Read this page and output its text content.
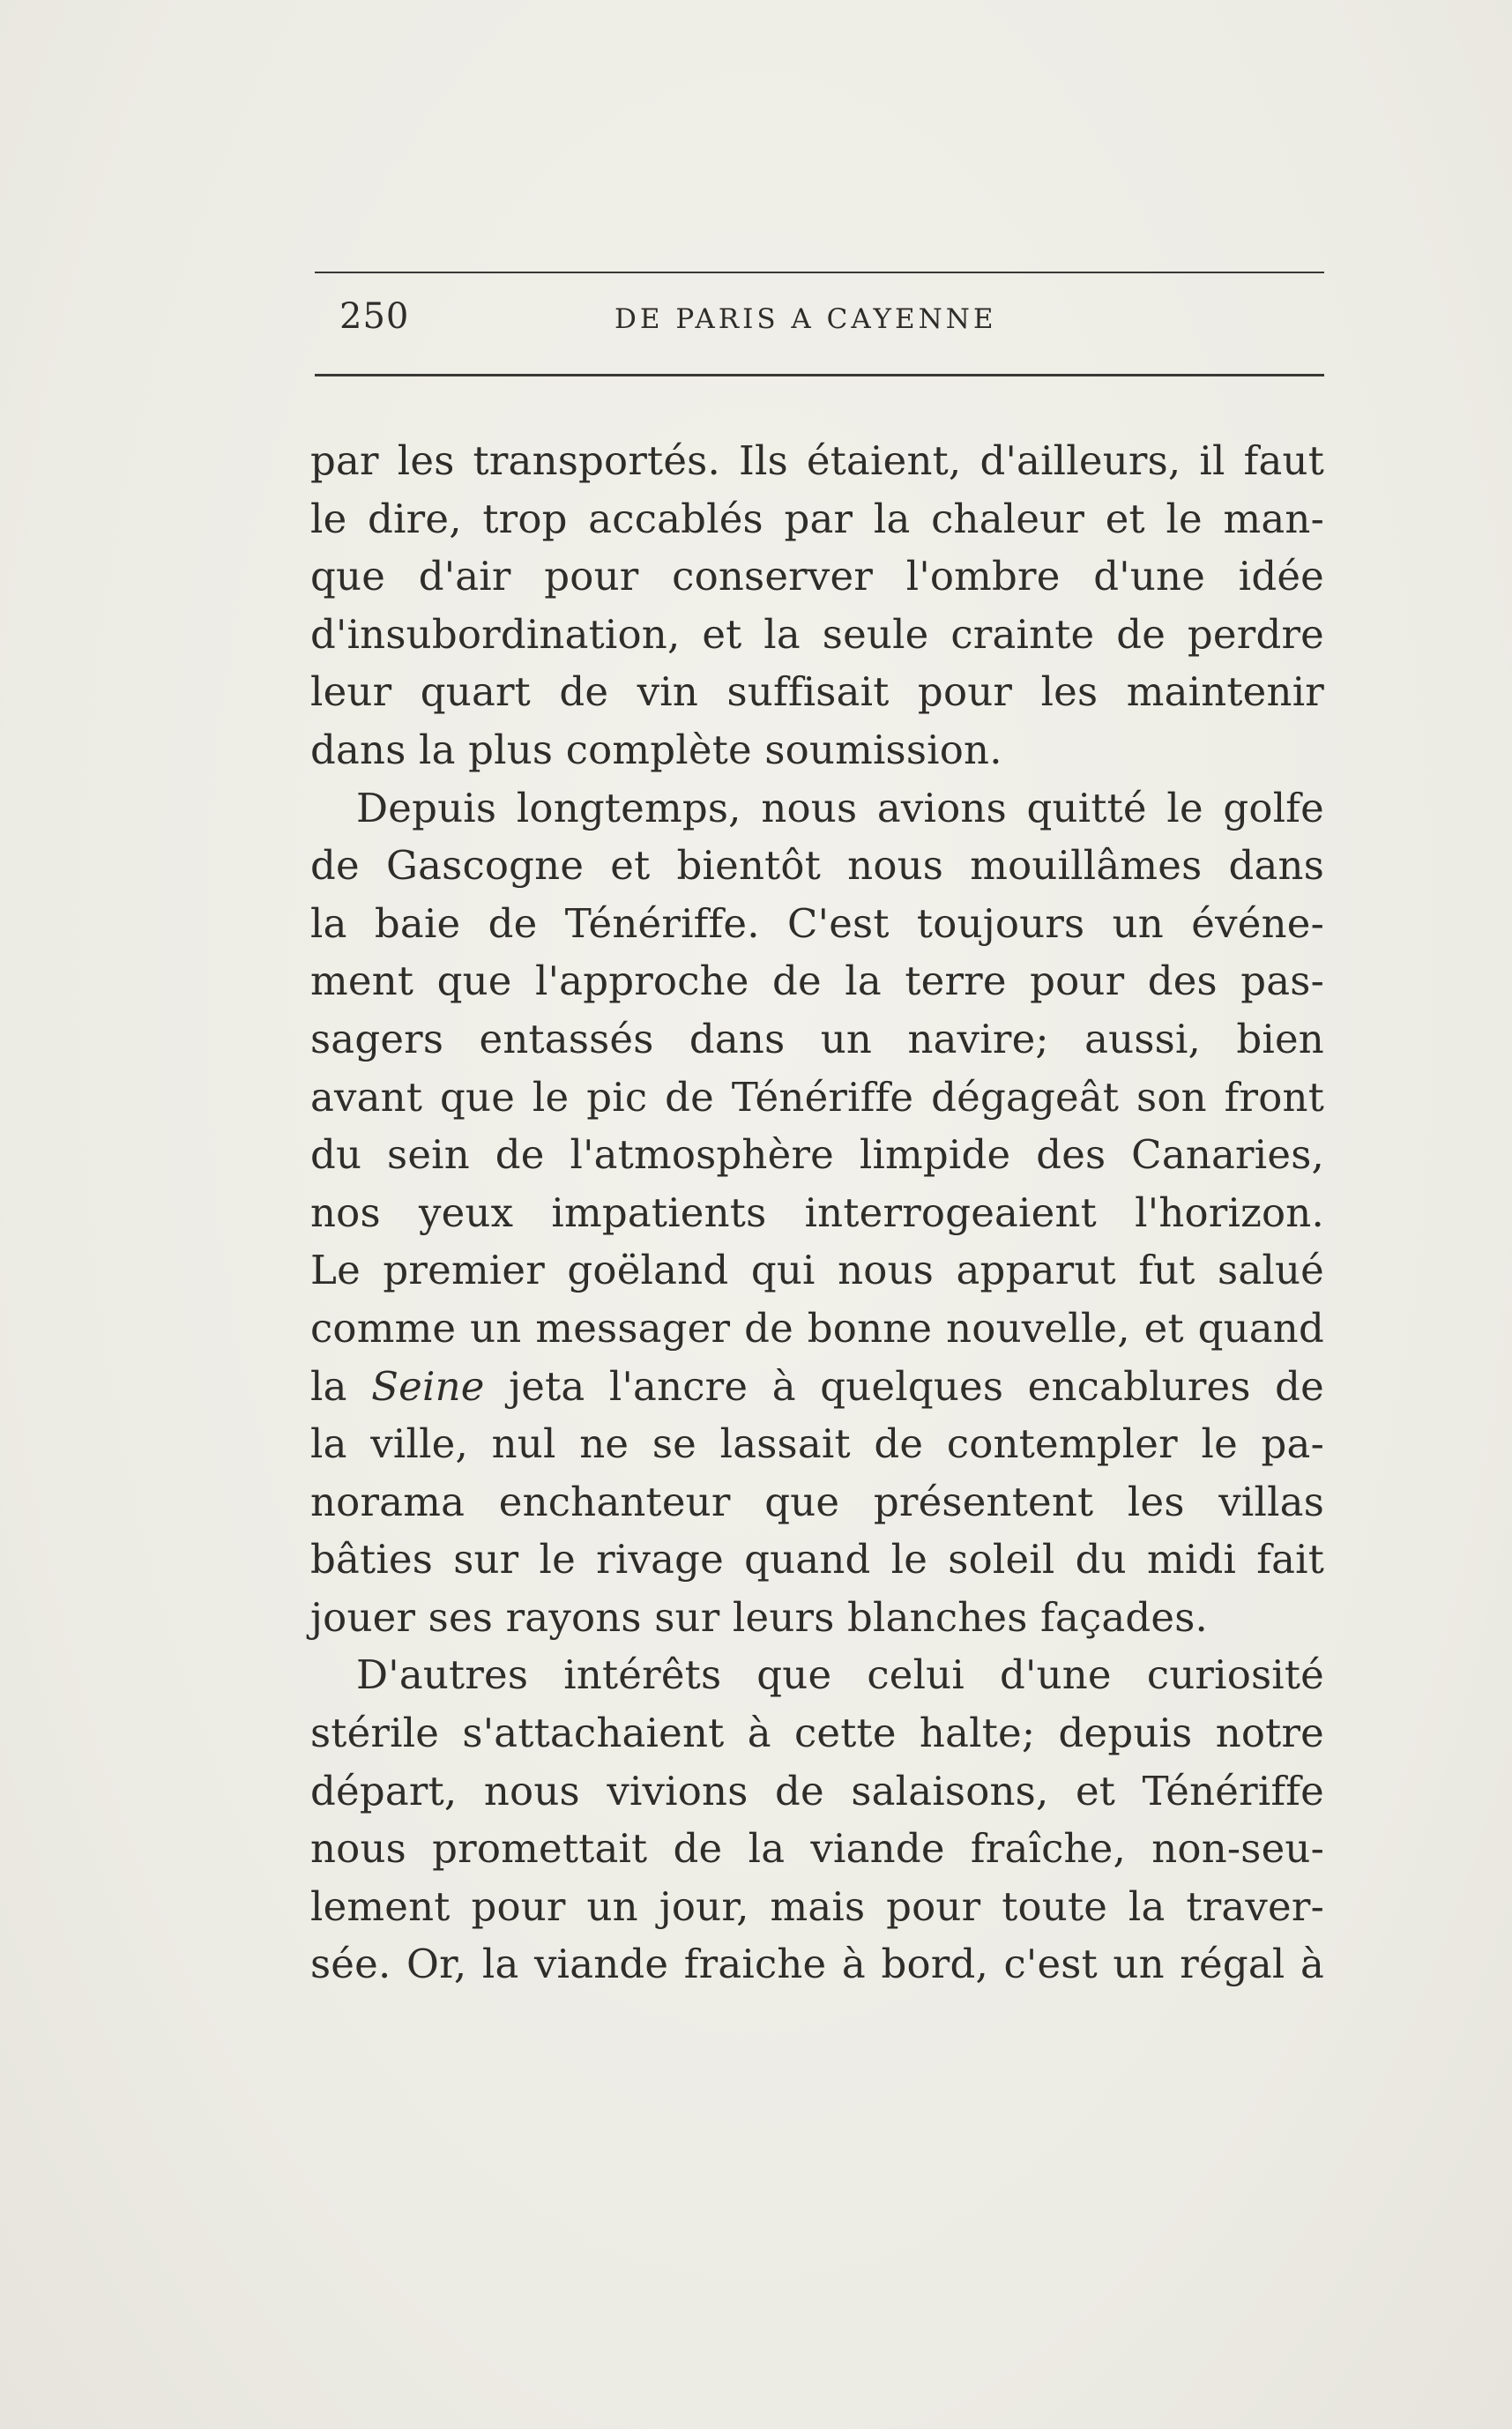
250	DE PARIS A CAYENNE
par les transportés. Ils étaient, d'ailleurs, il faut
le dire, trop accablés par la chaleur et le man-
que d'air pour conserver l'ombre d'une idée
d'insubordination, et la seule crainte de perdre
leur quart de vin suffisait pour les maintenir
dans la plus complète soumission.
Depuis longtemps, nous avions quitté le golfe
de Gascogne et bientôt nous mouillâmes dans
la baie de Ténériffe. C'est toujours un événe-
ment que l'approche de la terre pour des pas-
sagers entassés dans un navire; aussi, bien
avant que le pic de Ténériffe dégageât son front
du sein de l'atmosphère limpide des Canaries,
nos yeux impatients interrogeaient l'horizon.
Le premier goëland qui nous apparut fut salué
comme un messager de bonne nouvelle, et quand
la Seine jeta l'ancre à quelques encablures de
la ville, nul ne se lassait de contempler le pa-
norama enchanteur que présentent les villas
bâties sur le rivage quand le soleil du midi fait
jouer ses rayons sur leurs blanches façades.
D'autres intérêts que celui d'une curiosité
stérile s'attachaient à cette halte; depuis notre
départ, nous vivions de salaisons, et Ténériffe
nous promettait de la viande fraîche, non-seu-
lement pour un jour, mais pour toute la traver-
sée. Or, la viande fraiche à bord, c'est un régal à
